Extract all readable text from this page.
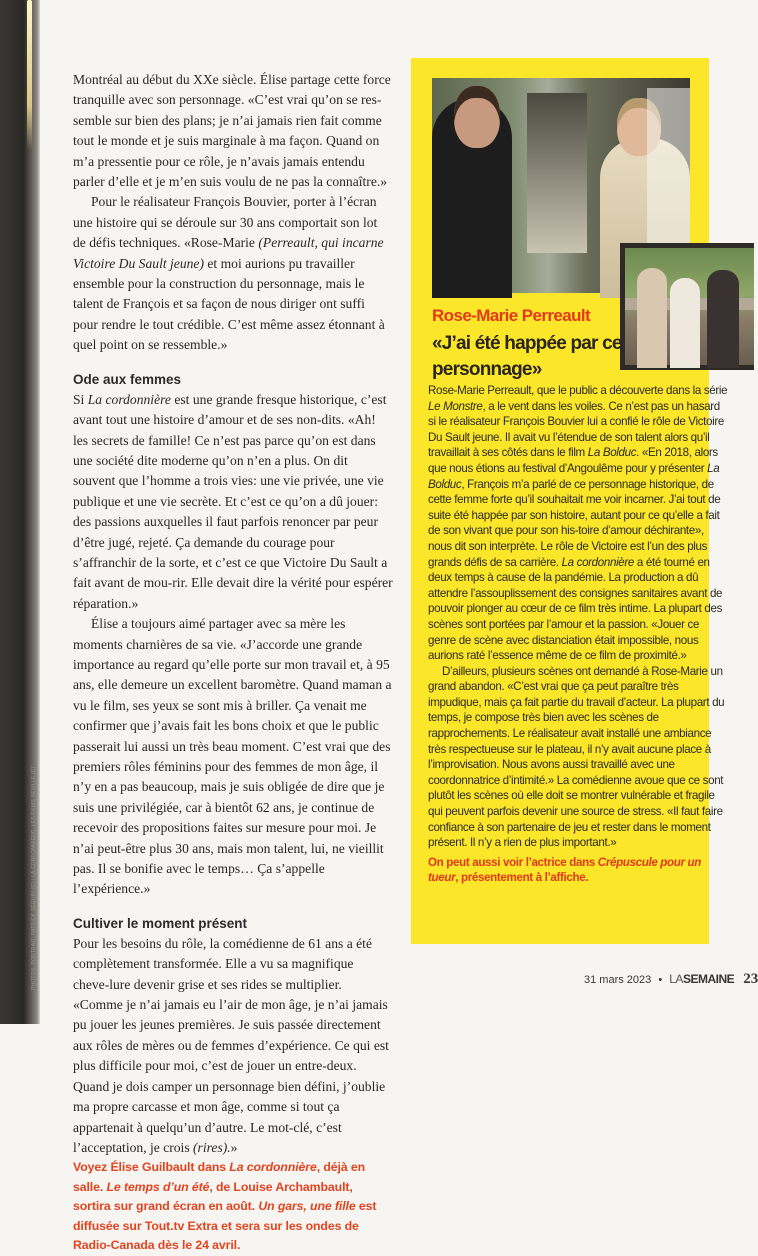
PHOTOS: PORTRAIT: PATRICK SÉGUIN (C) / LA CORDONNIÈRE: LES FILMS SÉVILLE (C)

Montréal au début du XXe siècle. Élise partage cette force tranquille avec son personnage. «C’est vrai qu’on se res-semble sur bien des plans; je n’ai jamais rien fait comme tout le monde et je suis marginale à ma façon. Quand on m’a pressentie pour ce rôle, je n’avais jamais entendu parler d’elle et je m’en suis voulu de ne pas la connaître.»

Pour le réalisateur François Bouvier, porter à l’écran une histoire qui se déroule sur 30 ans comportait son lot de défis techniques. «Rose-Marie (Perreault, qui incarne Victoire Du Sault jeune) et moi aurions pu travailler ensemble pour la construction du personnage, mais le talent de François et sa façon de nous diriger ont suffi pour rendre le tout crédible. C’est même assez étonnant à quel point on se ressemble.»

Ode aux femmes

Si La cordonnière est une grande fresque historique, c’est avant tout une histoire d’amour et de ses non-dits. «Ah! les secrets de famille! Ce n’est pas parce qu’on est dans une société dite moderne qu’on n’en a plus. On dit souvent que l’homme a trois vies: une vie privée, une vie publique et une vie secrète. Et c’est ce qu’on a dû jouer: des passions auxquelles il faut parfois renoncer par peur d’être jugé, rejeté. Ça demande du courage pour s’affranchir de la sorte, et c’est ce que Victoire Du Sault a fait avant de mou-rir. Elle devait dire la vérité pour espérer réparation.»

Élise a toujours aimé partager avec sa mère les moments charnières de sa vie. «J’accorde une grande importance au regard qu’elle porte sur mon travail et, à 95 ans, elle demeure un excellent baromètre. Quand maman a vu le film, ses yeux se sont mis à briller. Ça venait me confirmer que j’avais fait les bons choix et que le public passerait lui aussi un très beau moment. C’est vrai que des premiers rôles féminins pour des femmes de mon âge, il n’y en a pas beaucoup, mais je suis obligée de dire que je suis une privilégiée, car à bientôt 62 ans, je continue de recevoir des propositions faites sur mesure pour moi. Je n’ai peut-être plus 30 ans, mais mon talent, lui, ne vieillit pas. Il se bonifie avec le temps… Ça s’appelle l’expérience.»

Cultiver le moment présent

Pour les besoins du rôle, la comédienne de 61 ans a été complètement transformée. Elle a vu sa magnifique cheve-lure devenir grise et ses rides se multiplier. «Comme je n’ai jamais eu l’air de mon âge, je n’ai jamais pu jouer les jeunes premières. Je suis passée directement aux rôles de mères ou de femmes d’expérience. Ce qui est plus difficile pour moi, c’est de jouer un entre-deux. Quand je dois camper un personnage bien défini, j’oublie ma propre carcasse et mon âge, comme si tout ça appartenait à quelqu’un d’autre. Le mot-clé, c’est l’acceptation, je crois (rires).»

Voyez Élise Guilbault dans La cordonnière, déjà en salle. Le temps d’un été, de Louise Archambault, sortira sur grand écran en août. Un gars, une fille est diffusée sur Tout.tv Extra et sera sur les ondes de Radio-Canada dès le 24 avril.

Rose-Marie Perreault
«J’ai été happée par ce personnage»

Rose-Marie Perreault, que le public a découverte dans la série Le Monstre, a le vent dans les voiles. Ce n’est pas un hasard si le réalisateur François Bouvier lui a confié le rôle de Victoire Du Sault jeune. Il avait vu l’étendue de son talent alors qu’il travaillait à ses côtés dans le film La Bolduc. «En 2018, alors que nous étions au festival d’Angoulême pour y présenter La Bolduc, François m’a parlé de ce personnage historique, de cette femme forte qu’il souhaitait me voir incarner. J’ai tout de suite été happée par son histoire, autant pour ce qu’elle a fait de son vivant que pour son his-toire d’amour déchirante», nous dit son interprète. Le rôle de Victoire est l’un des plus grands défis de sa carrière. La cordonnière a été tourné en deux temps à cause de la pandémie. La production a dû attendre l’assouplissement des consignes sanitaires avant de pouvoir plonger au cœur de ce film très intime. La plupart des scènes sont portées par l’amour et la passion. «Jouer ce genre de scène avec distanciation était impossible, nous aurions raté l’essence même de ce film de proximité.»

D’ailleurs, plusieurs scènes ont demandé à Rose-Marie un grand abandon. «C’est vrai que ça peut paraître très impudique, mais ça fait partie du travail d’acteur. La plupart du temps, je compose très bien avec les scènes de rapprochements. Le réalisateur avait installé une ambiance très respectueuse sur le plateau, il n’y avait aucune place à l’improvisation. Nous avons aussi travaillé avec une coordonnatrice d’intimité.» La comédienne avoue que ce sont plutôt les scènes où elle doit se montrer vulnérable et fragile qui peuvent parfois devenir une source de stress. «Il faut faire confiance à son partenaire de jeu et rester dans le moment présent. Il n’y a rien de plus important.»

On peut aussi voir l’actrice dans Crépuscule pour un tueur, présentement à l’affiche.

31 mars 2023 • LASEMAINE 23
